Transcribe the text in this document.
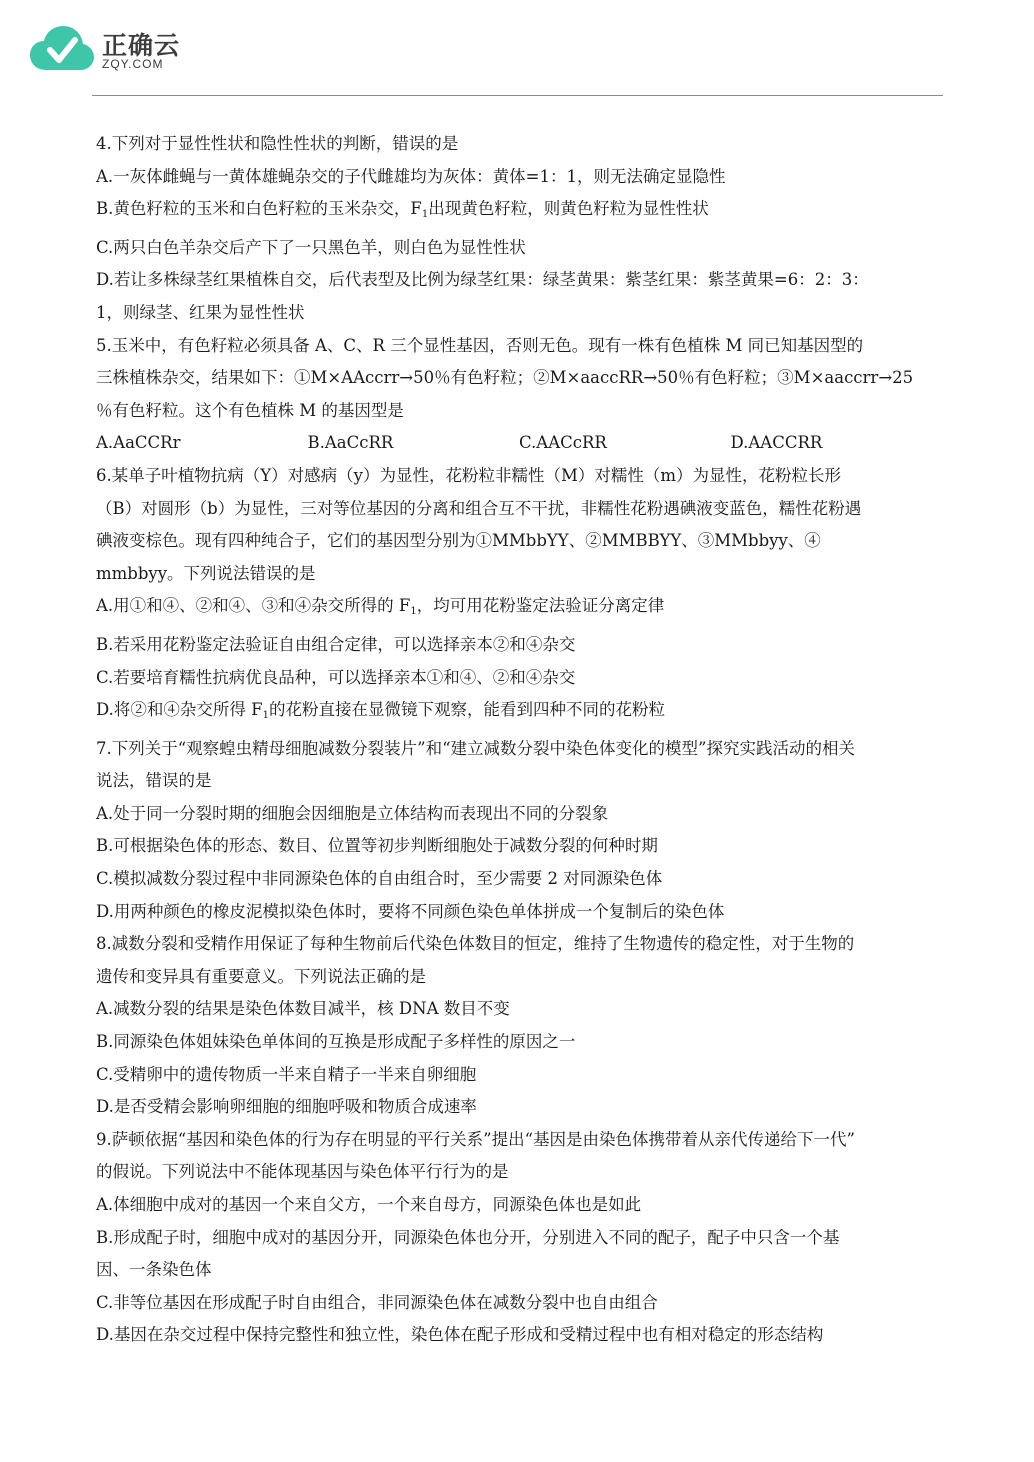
正确云
ZQY.COM
4.下列对于显性性状和隐性性状的判断，错误的是
A.一灰体雌蝇与一黄体雄蝇杂交的子代雌雄均为灰体：黄体=1：1，则无法确定显隐性
B.黄色籽粒的玉米和白色籽粒的玉米杂交，$F_1$出现黄色籽粒，则黄色籽粒为显性性状
C.两只白色羊杂交后产下了一只黑色羊，则白色为显性性状
D.若让多株绿茎红果植株自交，后代表型及比例为绿茎红果：绿茎黄果：紫茎红果：紫茎黄果=6：2：3：
1，则绿茎、红果为显性性状
5.玉米中，有色籽粒必须具备 A、C、R 三个显性基因，否则无色。现有一株有色植株 M 同已知基因型的
三株植株杂交，结果如下：①M×AAccrr→50％有色籽粒；②M×aaccRR→50％有色籽粒；③M×aaccrr→25
％有色籽粒。这个有色植株 M 的基因型是
A.AaCCRr	B.AaCcRR	C.AACcRR	D.AACCRR
6.某单子叶植物抗病（Y）对感病（y）为显性，花粉粒非糯性（M）对糯性（m）为显性，花粉粒长形
（B）对圆形（b）为显性，三对等位基因的分离和组合互不干扰，非糯性花粉遇碘液变蓝色，糯性花粉遇
碘液变棕色。现有四种纯合子，它们的基因型分别为①MMbbYY、②MMBBYY、③MMbbyy、④
mmbbyy。下列说法错误的是
A.用①和④、②和④、③和④杂交所得的 $F_1$，均可用花粉鉴定法验证分离定律
B.若采用花粉鉴定法验证自由组合定律，可以选择亲本②和④杂交
C.若要培育糯性抗病优良品种，可以选择亲本①和④、②和④杂交
D.将②和④杂交所得 $F_1$的花粉直接在显微镜下观察，能看到四种不同的花粉粒
7.下列关于“观察蝗虫精母细胞减数分裂装片”和“建立减数分裂中染色体变化的模型”探究实践活动的相关
说法，错误的是
A.处于同一分裂时期的细胞会因细胞是立体结构而表现出不同的分裂象
B.可根据染色体的形态、数目、位置等初步判断细胞处于减数分裂的何种时期
C.模拟减数分裂过程中非同源染色体的自由组合时，至少需要 2 对同源染色体
D.用两种颜色的橡皮泥模拟染色体时，要将不同颜色染色单体拼成一个复制后的染色体
8.减数分裂和受精作用保证了每种生物前后代染色体数目的恒定，维持了生物遗传的稳定性，对于生物的
遗传和变异具有重要意义。下列说法正确的是
A.减数分裂的结果是染色体数目减半，核 DNA 数目不变
B.同源染色体姐妹染色单体间的互换是形成配子多样性的原因之一
C.受精卵中的遗传物质一半来自精子一半来自卵细胞
D.是否受精会影响卵细胞的细胞呼吸和物质合成速率
9.萨顿依据“基因和染色体的行为存在明显的平行关系”提出“基因是由染色体携带着从亲代传递给下一代”
的假说。下列说法中不能体现基因与染色体平行行为的是
A.体细胞中成对的基因一个来自父方，一个来自母方，同源染色体也是如此
B.形成配子时，细胞中成对的基因分开，同源染色体也分开，分别进入不同的配子，配子中只含一个基
因、一条染色体
C.非等位基因在形成配子时自由组合，非同源染色体在减数分裂中也自由组合
D.基因在杂交过程中保持完整性和独立性，染色体在配子形成和受精过程中也有相对稳定的形态结构
